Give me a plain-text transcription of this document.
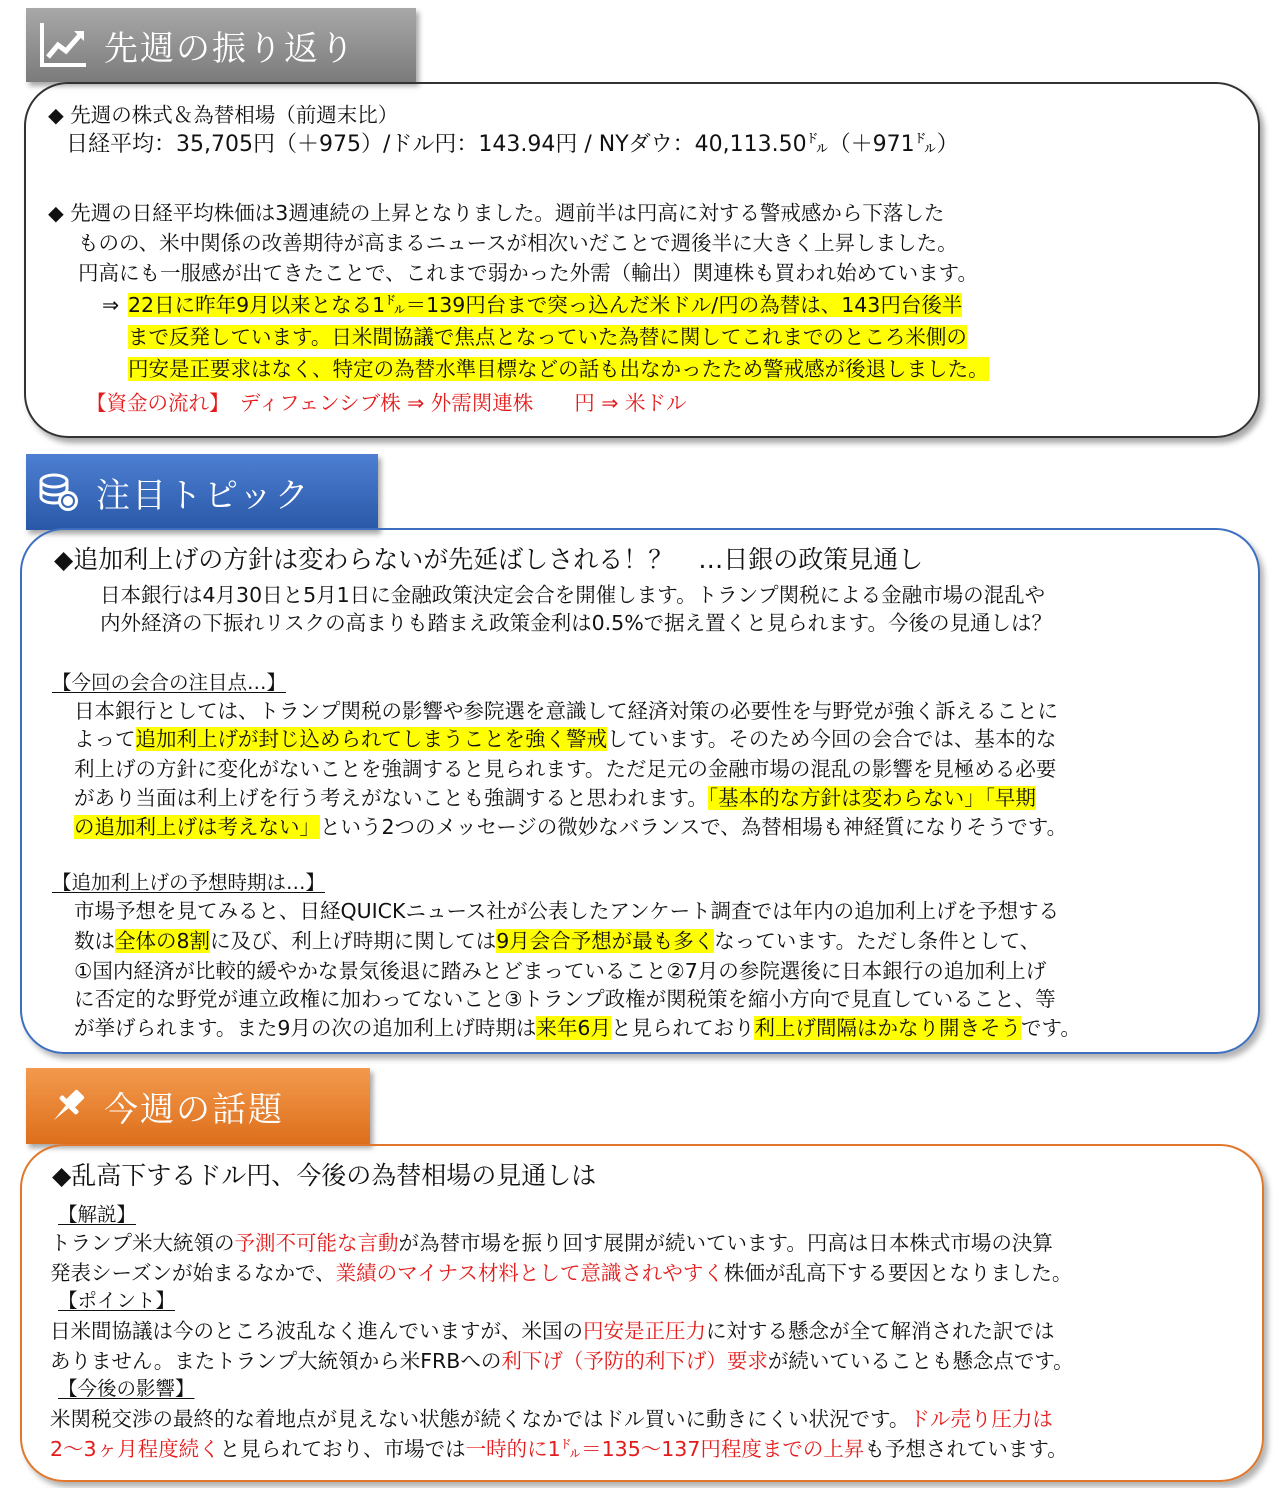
先週の振り返り
◆ 先週の株式＆為替相場（前週末比）
日経平均：35,705円（＋975）/ドル円：143.94円 / NYダウ：40,113.50㌦（＋971㌦）
◆ 先週の日経平均株価は3週連続の上昇となりました。週前半は円高に対する警戒感から下落した
ものの、米中関係の改善期待が高まるニュースが相次いだことで週後半に大きく上昇しました。
円高にも一服感が出てきたことで、これまで弱かった外需（輸出）関連株も買われ始めています。
⇒ 22日に昨年9月以来となる1㌦＝139円台まで突っ込んだ米ドル/円の為替は、143円台後半
まで反発しています。日米間協議で焦点となっていた為替に関してこれまでのところ米側の
円安是正要求はなく、特定の為替水準目標などの話も出なかったため警戒感が後退しました。
【資金の流れ】　ディフェンシブ株 ⇒ 外需関連株　　円 ⇒ 米ドル
注目トピック
◆追加利上げの方針は変わらないが先延ばしされる！？　…日銀の政策見通し
日本銀行は4月30日と5月1日に金融政策決定会合を開催します。トランプ関税による金融市場の混乱や
内外経済の下振れリスクの高まりも踏まえ政策金利は0.5%で据え置くと見られます。今後の見通しは？
【今回の会合の注目点…】
日本銀行としては、トランプ関税の影響や参院選を意識して経済対策の必要性を与野党が強く訴えることに
よって追加利上げが封じ込められてしまうことを強く警戒しています。そのため今回の会合では、基本的な
利上げの方針に変化がないことを強調すると見られます。ただ足元の金融市場の混乱の影響を見極める必要
があり当面は利上げを行う考えがないことも強調すると思われます。「基本的な方針は変わらない」「早期
の追加利上げは考えない」という2つのメッセージの微妙なバランスで、為替相場も神経質になりそうです。
【追加利上げの予想時期は…】
市場予想を見てみると、日経QUICKニュース社が公表したアンケート調査では年内の追加利上げを予想する
数は全体の8割に及び、利上げ時期に関しては9月会合予想が最も多くなっています。ただし条件として、
①国内経済が比較的緩やかな景気後退に踏みとどまっていること②7月の参院選後に日本銀行の追加利上げ
に否定的な野党が連立政権に加わってないこと③トランプ政権が関税策を縮小方向で見直していること、等
が挙げられます。また9月の次の追加利上げ時期は来年6月と見られており利上げ間隔はかなり開きそうです。
今週の話題
◆乱高下するドル円、今後の為替相場の見通しは
【解説】
トランプ米大統領の予測不可能な言動が為替市場を振り回す展開が続いています。円高は日本株式市場の決算
発表シーズンが始まるなかで、業績のマイナス材料として意識されやすく株価が乱高下する要因となりました。
【ポイント】
日米間協議は今のところ波乱なく進んでいますが、米国の円安是正圧力に対する懸念が全て解消された訳では
ありません。またトランプ大統領から米FRBへの利下げ（予防的利下げ）要求が続いていることも懸念点です。
【今後の影響】
米関税交渉の最終的な着地点が見えない状態が続くなかではドル買いに動きにくい状況です。ドル売り圧力は
2～3ヶ月程度続くと見られており、市場では一時的に1㌦＝135～137円程度までの上昇も予想されています。
